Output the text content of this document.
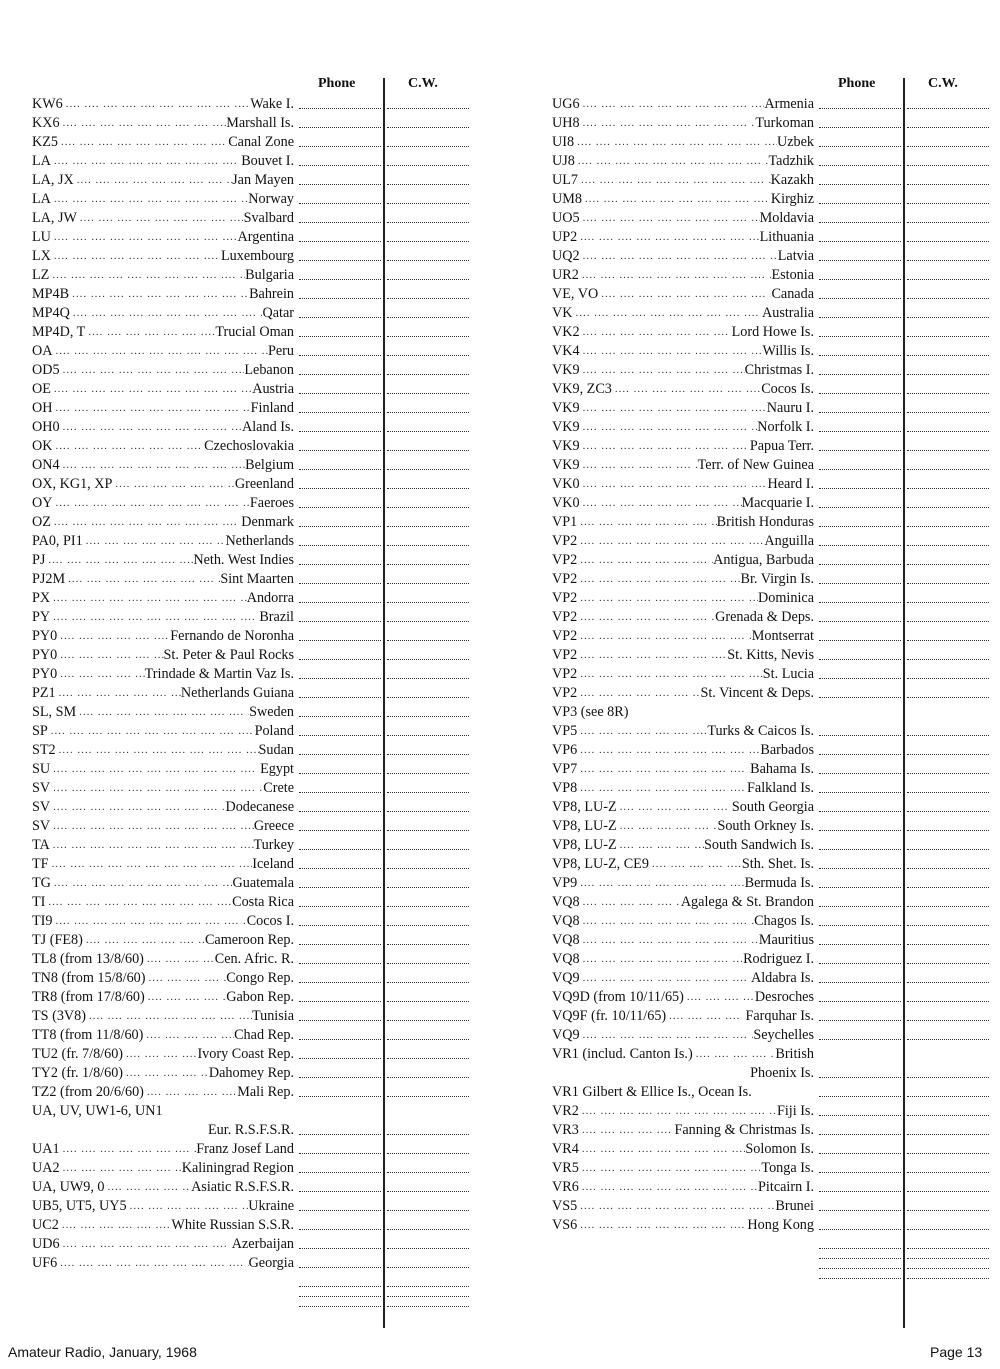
Phone	C.W.
KW6 ....	Wake I.
KX6 ....	Marshall Is.
KZ5 ....	Canal Zone
LA ....	Bouvet I.
LA, JX ....	Jan Mayen
LA ....	Norway
LA, JW ....	Svalbard
LU ....	Argentina
LX ....	Luxembourg
LZ ....	Bulgaria
MP4B ....	Bahrein
MP4Q ....	Qatar
MP4D, T ....	Trucial Oman
OA ....	Peru
OD5 ....	Lebanon
OE ....	Austria
OH ....	Finland
OH0 ....	Aland Is.
OK ....	Czechoslovakia
ON4 ....	Belgium
OX, KG1, XP ....	Greenland
OY ....	Faeroes
OZ ....	Denmark
PA0, PI1 ....	Netherlands
PJ ....	Neth. West Indies
PJ2M ....	Sint Maarten
PX ....	Andorra
PY ....	Brazil
PY0 ....	Fernando de Noronha
PY0 ....	St. Peter & Paul Rocks
PY0 ....	Trindade & Martin Vaz Is.
PZ1 ....	Netherlands Guiana
SL, SM ....	Sweden
SP ....	Poland
ST2 ....	Sudan
SU ....	Egypt
SV ....	Crete
SV ....	Dodecanese
SV ....	Greece
TA ....	Turkey
TF ....	Iceland
TG ....	Guatemala
TI ....	Costa Rica
TI9 ....	Cocos I.
TJ (FE8) ....	Cameroon Rep.
TL8 (from 13/8/60) ....	Cen. Afric. R.
TN8 (from 15/8/60) ....	Congo Rep.
TR8 (from 17/8/60) ....	Gabon Rep.
TS (3V8) ....	Tunisia
TT8 (from 11/8/60) ....	Chad Rep.
TU2 (fr. 7/8/60) ....	Ivory Coast Rep.
TY2 (fr. 1/8/60) ....	Dahomey Rep.
TZ2 (from 20/6/60) ....	Mali Rep.
UA, UV, UW1-6, UN1
Eur. R.S.F.S.R.
UA1 ....	Franz Josef Land
UA2 ....	Kaliningrad Region
UA, UW9, 0 ....	Asiatic R.S.F.S.R.
UB5, UT5, UY5 ....	Ukraine
UC2 ....	White Russian S.S.R.
UD6 ....	Azerbaijan
UF6 ....	Georgia
Phone	C.W.
UG6 ....	Armenia
UH8 ....	Turkoman
UI8 ....	Uzbek
UJ8 ....	Tadzhik
UL7 ....	Kazakh
UM8 ....	Kirghiz
UO5 ....	Moldavia
UP2 ....	Lithuania
UQ2 ....	Latvia
UR2 ....	Estonia
VE, VO ....	Canada
VK ....	Australia
VK2 ....	Lord Howe Is.
VK4 ....	Willis Is.
VK9 ....	Christmas I.
VK9, ZC3 ....	Cocos Is.
VK9 ....	Nauru I.
VK9 ....	Norfolk I.
VK9 ....	Papua Terr.
VK9 ....	Terr. of New Guinea
VK0 ....	Heard I.
VK0 ....	Macquarie I.
VP1 ....	British Honduras
VP2 ....	Anguilla
VP2 ....	Antigua, Barbuda
VP2 ....	Br. Virgin Is.
VP2 ....	Dominica
VP2 ....	Grenada & Deps.
VP2 ....	Montserrat
VP2 ....	St. Kitts, Nevis
VP2 ....	St. Lucia
VP2 ....	St. Vincent & Deps.
VP3 (see 8R)
VP5 ....	Turks & Caicos Is.
VP6 ....	Barbados
VP7 ....	Bahama Is.
VP8 ....	Falkland Is.
VP8, LU-Z ....	South Georgia
VP8, LU-Z ....	South Orkney Is.
VP8, LU-Z ....	South Sandwich Is.
VP8, LU-Z, CE9 ....	Sth. Shet. Is.
VP9 ....	Bermuda Is.
VQ8 ....	Agalega & St. Brandon
VQ8 ....	Chagos Is.
VQ8 ....	Mauritius
VQ8 ....	Rodriguez I.
VQ9 ....	Aldabra Is.
VQ9D (from 10/11/65) ....	Desroches
VQ9F (fr. 10/11/65) ....	Farquhar Is.
VQ9 ....	Seychelles
VR1 (includ. Canton Is.) ....	British
Phoenix Is.
VR1 Gilbert & Ellice Is., Ocean Is.
VR2 ....	Fiji Is.
VR3 ....	Fanning & Christmas Is.
VR4 ....	Solomon Is.
VR5 ....	Tonga Is.
VR6 ....	Pitcairn I.
VS5 ....	Brunei
VS6 ....	Hong Kong
Amateur Radio, January, 1968	Page 13
